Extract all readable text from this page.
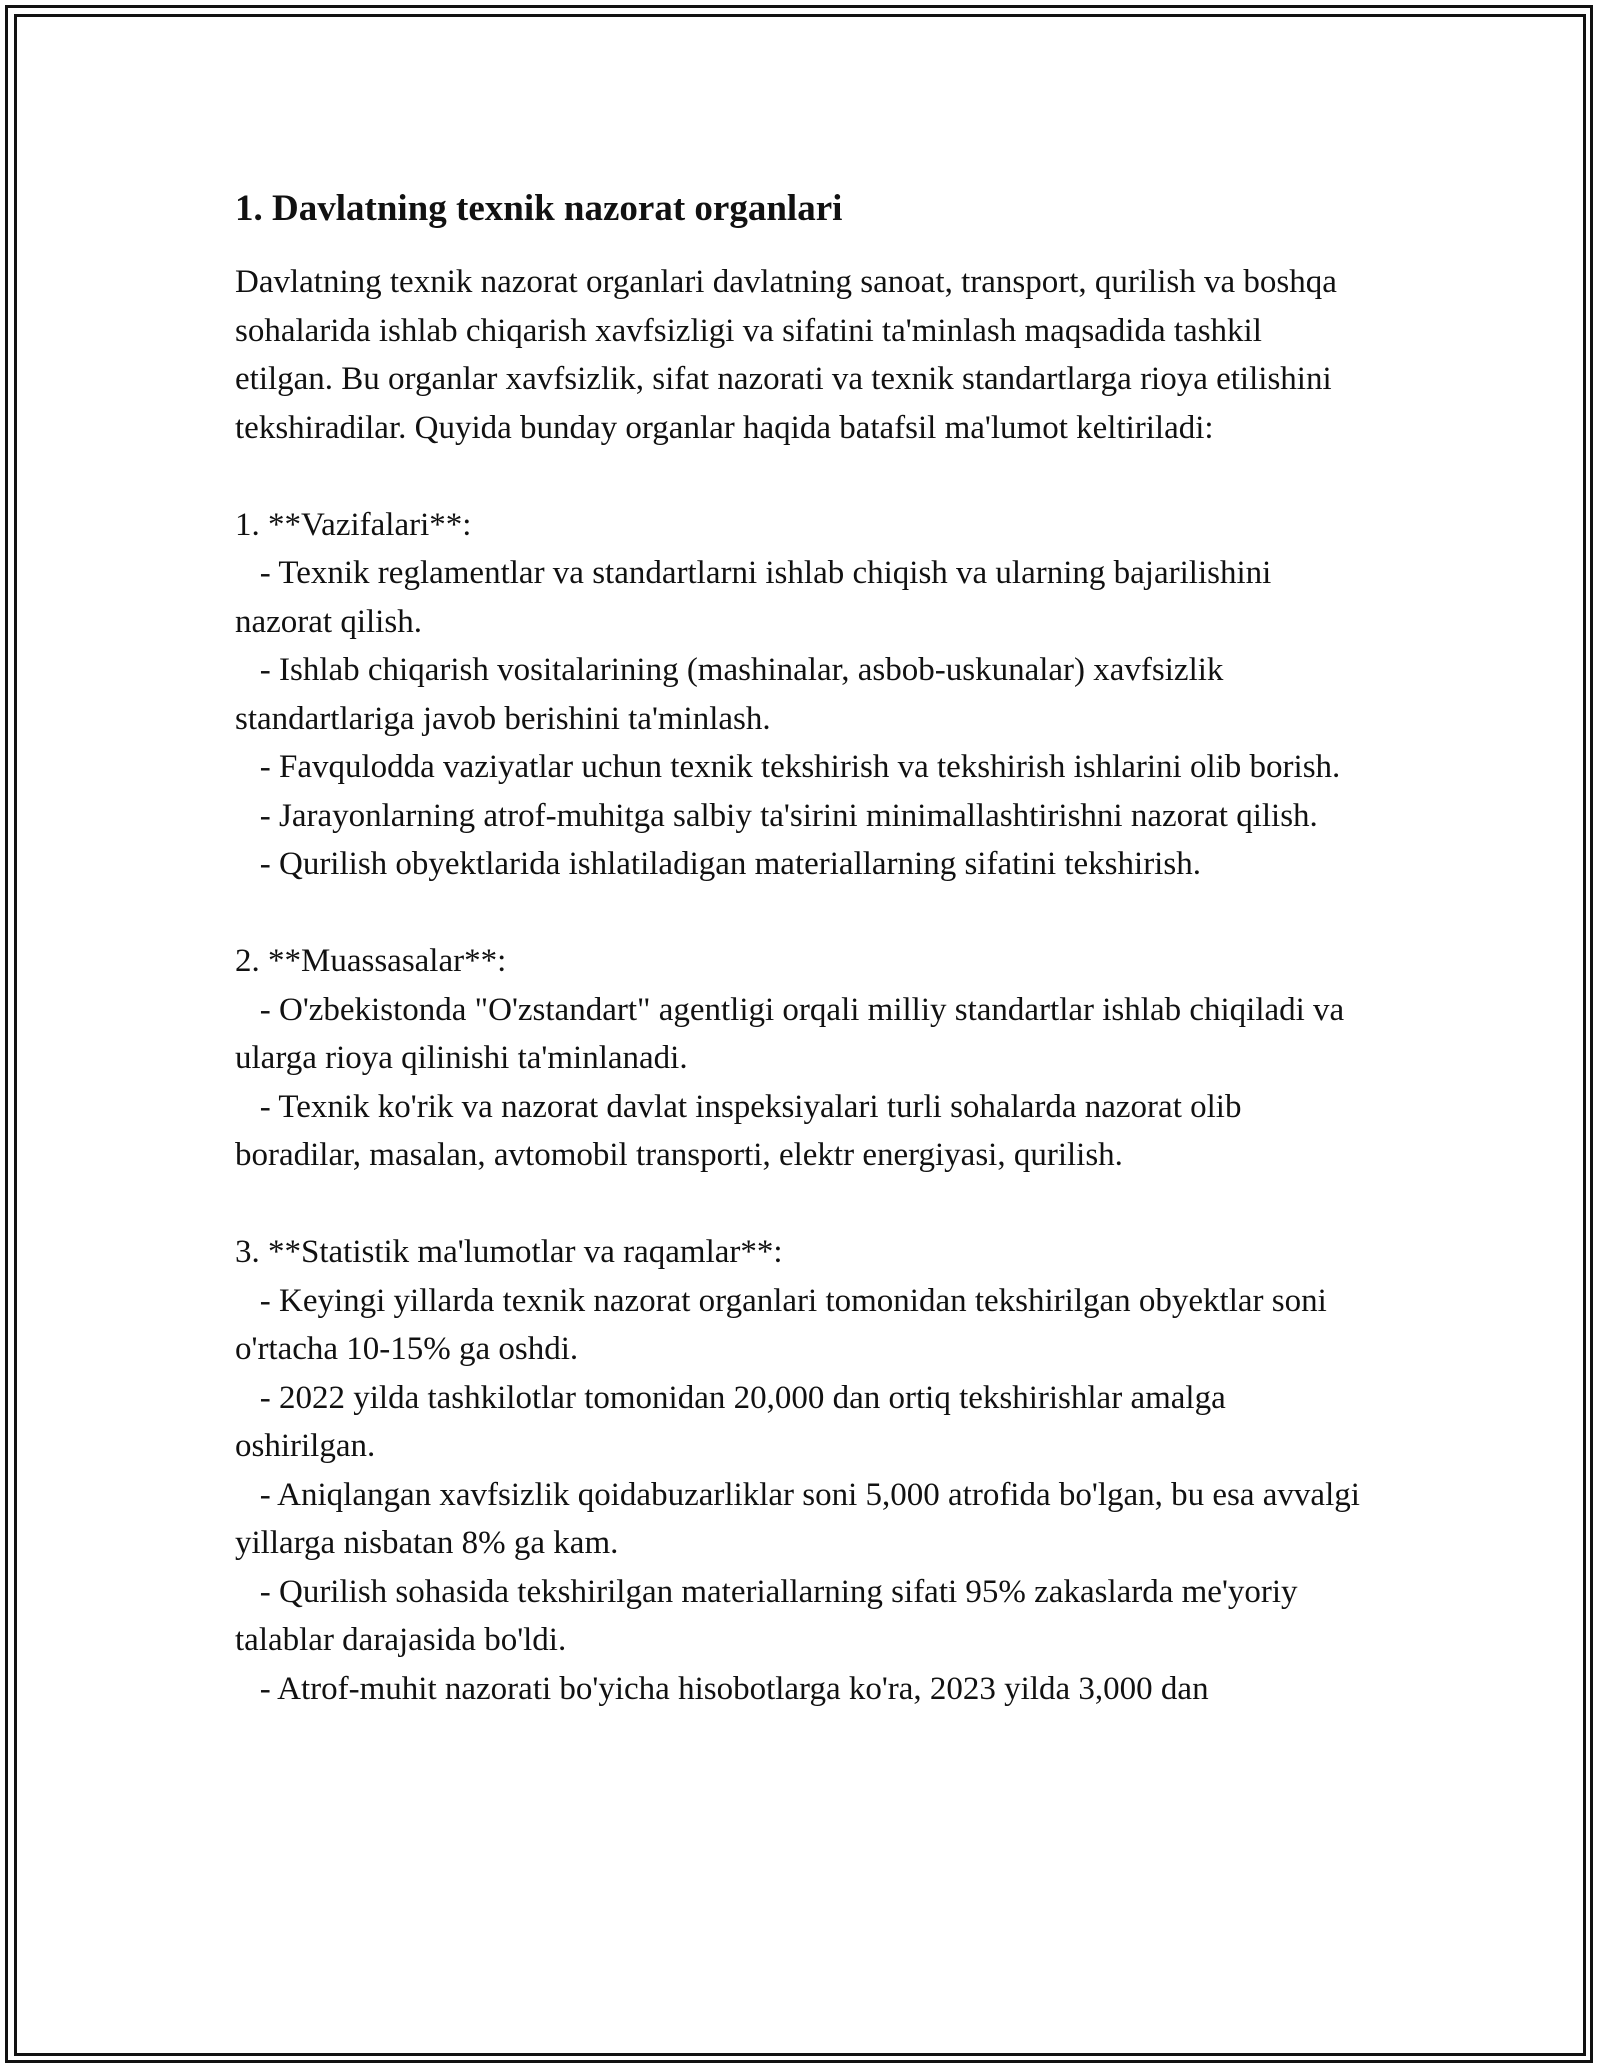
1. Davlatning texnik nazorat organlari

Davlatning texnik nazorat organlari davlatning sanoat, transport, qurilish va boshqa sohalarida ishlab chiqarish xavfsizligi va sifatini ta'minlash maqsadida tashkil etilgan. Bu organlar xavfsizlik, sifat nazorati va texnik standartlarga rioya etilishini tekshiradilar. Quyida bunday organlar haqida batafsil ma'lumot keltiriladi:

1. **Vazifalari**:

- Texnik reglamentlar va standartlarni ishlab chiqish va ularning bajarilishini nazorat qilish.

- Ishlab chiqarish vositalarining (mashinalar, asbob-uskunalar) xavfsizlik standartlariga javob berishini ta'minlash.

- Favqulodda vaziyatlar uchun texnik tekshirish va tekshirish ishlarini olib borish.

- Jarayonlarning atrof-muhitga salbiy ta'sirini minimallashtirishni nazorat qilish.

- Qurilish obyektlarida ishlatiladigan materiallarning sifatini tekshirish.

2. **Muassasalar**:

- O'zbekistonda "O'zstandart" agentligi orqali milliy standartlar ishlab chiqiladi va ularga rioya qilinishi ta'minlanadi.

- Texnik ko'rik va nazorat davlat inspeksiyalari turli sohalarda nazorat olib boradilar, masalan, avtomobil transporti, elektr energiyasi, qurilish.

3. **Statistik ma'lumotlar va raqamlar**:

- Keyingi yillarda texnik nazorat organlari tomonidan tekshirilgan obyektlar soni o'rtacha 10-15% ga oshdi.

- 2022 yilda tashkilotlar tomonidan 20,000 dan ortiq tekshirishlar amalga oshirilgan.

- Aniqlangan xavfsizlik qoidabuzarliklar soni 5,000 atrofida bo'lgan, bu esa avvalgi yillarga nisbatan 8% ga kam.

- Qurilish sohasida tekshirilgan materiallarning sifati 95% zakaslarda me'yoriy talablar darajasida bo'ldi.

- Atrof-muhit nazorati bo'yicha hisobotlarga ko'ra, 2023 yilda 3,000 dan
